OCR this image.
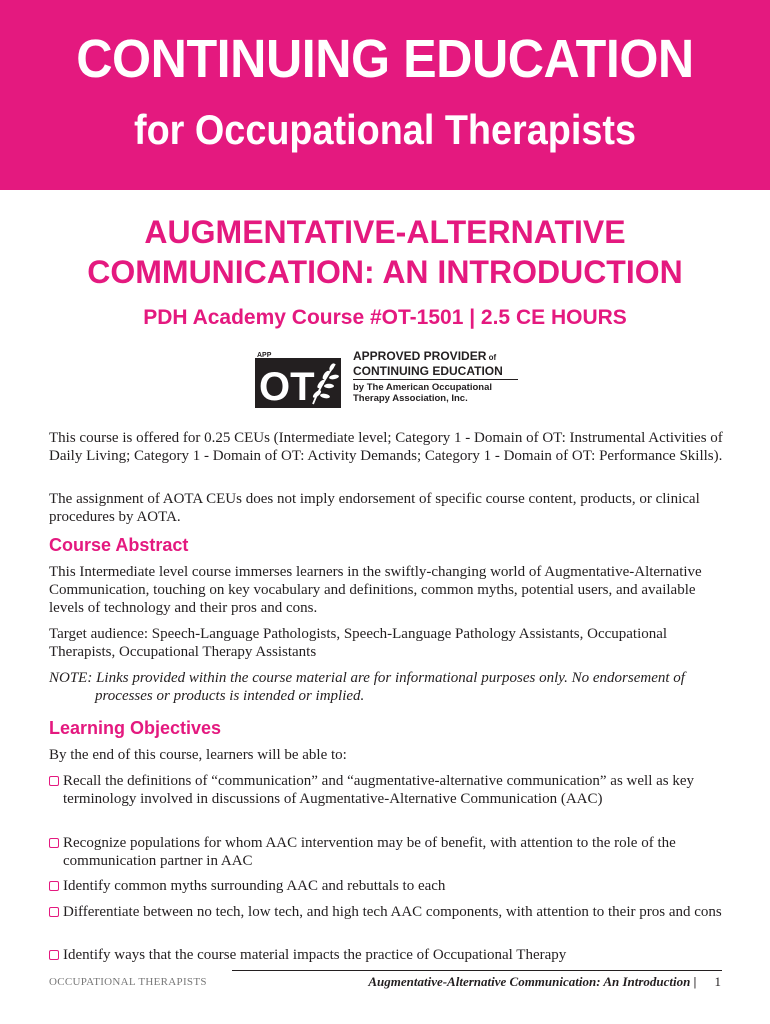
CONTINUING EDUCATION
for Occupational Therapists
AUGMENTATIVE-ALTERNATIVE
COMMUNICATION: AN INTRODUCTION
PDH Academy Course #OT-1501 | 2.5 CE HOURS
APP
OT
APPROVED PROVIDER of
CONTINUING EDUCATION
by The American Occupational
Therapy Association, Inc.

This course is offered for 0.25 CEUs (Intermediate level; Category 1 - Domain of OT: Instrumental Activities of Daily Living; Category 1 - Domain of OT: Activity Demands; Category 1 - Domain of OT: Performance Skills).

The assignment of AOTA CEUs does not imply endorsement of specific course content, products, or clinical procedures by AOTA.

Course Abstract

This Intermediate level course immerses learners in the swiftly-changing world of Augmentative-Alternative Communication, touching on key vocabulary and definitions, common myths, potential users, and available levels of technology and their pros and cons.

Target audience: Speech-Language Pathologists, Speech-Language Pathology Assistants, Occupational Therapists, Occupational Therapy Assistants

NOTE: Links provided within the course material are for informational purposes only. No endorsement of
processes or products is intended or implied.

Learning Objectives

By the end of this course, learners will be able to:

Recall the definitions of “communication” and “augmentative-alternative communication” as well as key terminology involved in discussions of Augmentative-Alternative Communication (AAC)
Recognize populations for whom AAC intervention may be of benefit, with attention to the role of the communication partner in AAC
Identify common myths surrounding AAC and rebuttals to each
Differentiate between no tech, low tech, and high tech AAC components, with attention to their pros and cons
Identify ways that the course material impacts the practice of Occupational Therapy
OCCUPATIONAL THERAPISTS	Augmentative-Alternative Communication: An Introduction | 1
